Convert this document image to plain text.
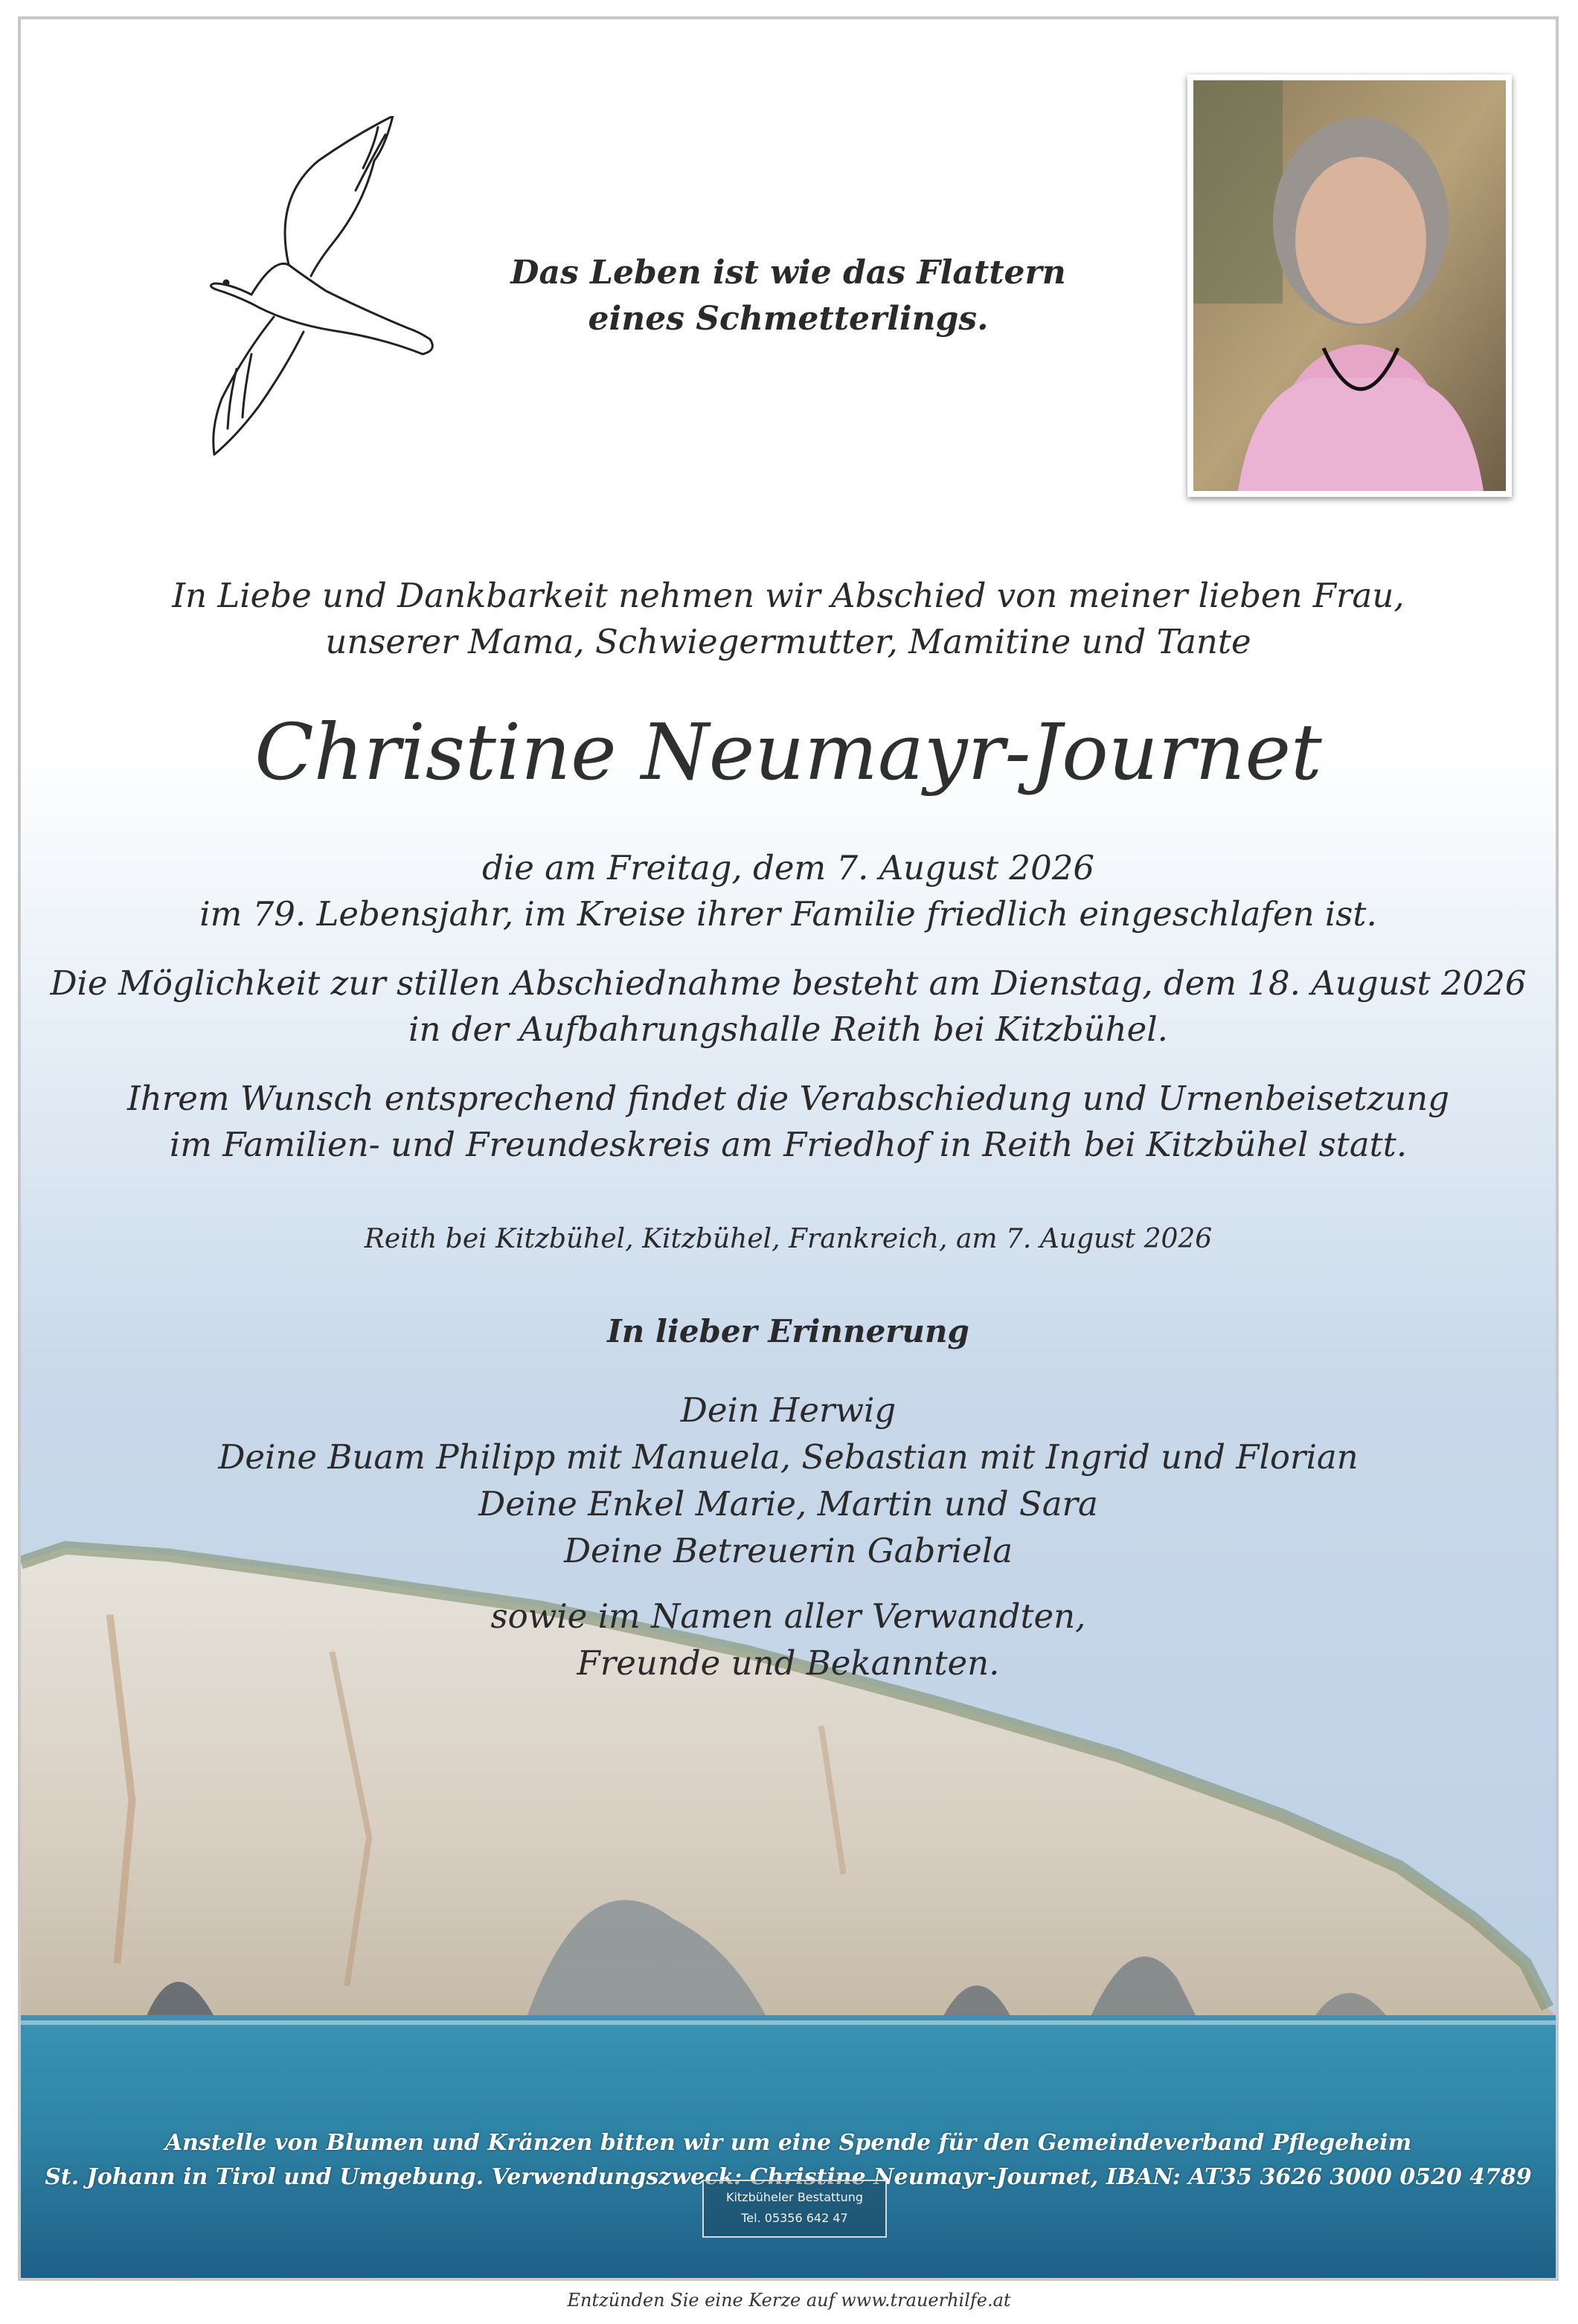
Das Leben ist wie das Flattern
eines Schmetterlings.
In Liebe und Dankbarkeit nehmen wir Abschied von meiner lieben Frau,
unserer Mama, Schwiegermutter, Mamitine und Tante
Christine Neumayr-Journet
die am Freitag, dem 7. August 2026
im 79. Lebensjahr, im Kreise ihrer Familie friedlich eingeschlafen ist.
Die Möglichkeit zur stillen Abschiednahme besteht am Dienstag, dem 18. August 2026
in der Aufbahrungshalle Reith bei Kitzbühel.
Ihrem Wunsch entsprechend findet die Verabschiedung und Urnenbeisetzung
im Familien- und Freundeskreis am Friedhof in Reith bei Kitzbühel statt.
Reith bei Kitzbühel, Kitzbühel, Frankreich, am 7. August 2026
In lieber Erinnerung
Dein Herwig
Deine Buam Philipp mit Manuela, Sebastian mit Ingrid und Florian
Deine Enkel Marie, Martin und Sara
Deine Betreuerin Gabriela
sowie im Namen aller Verwandten,
Freunde und Bekannten.
Anstelle von Blumen und Kränzen bitten wir um eine Spende für den Gemeindeverband Pflegeheim
St. Johann in Tirol und Umgebung. Verwendungszweck: Christine Neumayr-Journet, IBAN: AT35 3626 3000 0520 4789
Kitzbüheler Bestattung
Tel. 05356 642 47
Entzünden Sie eine Kerze auf www.trauerhilfe.at
